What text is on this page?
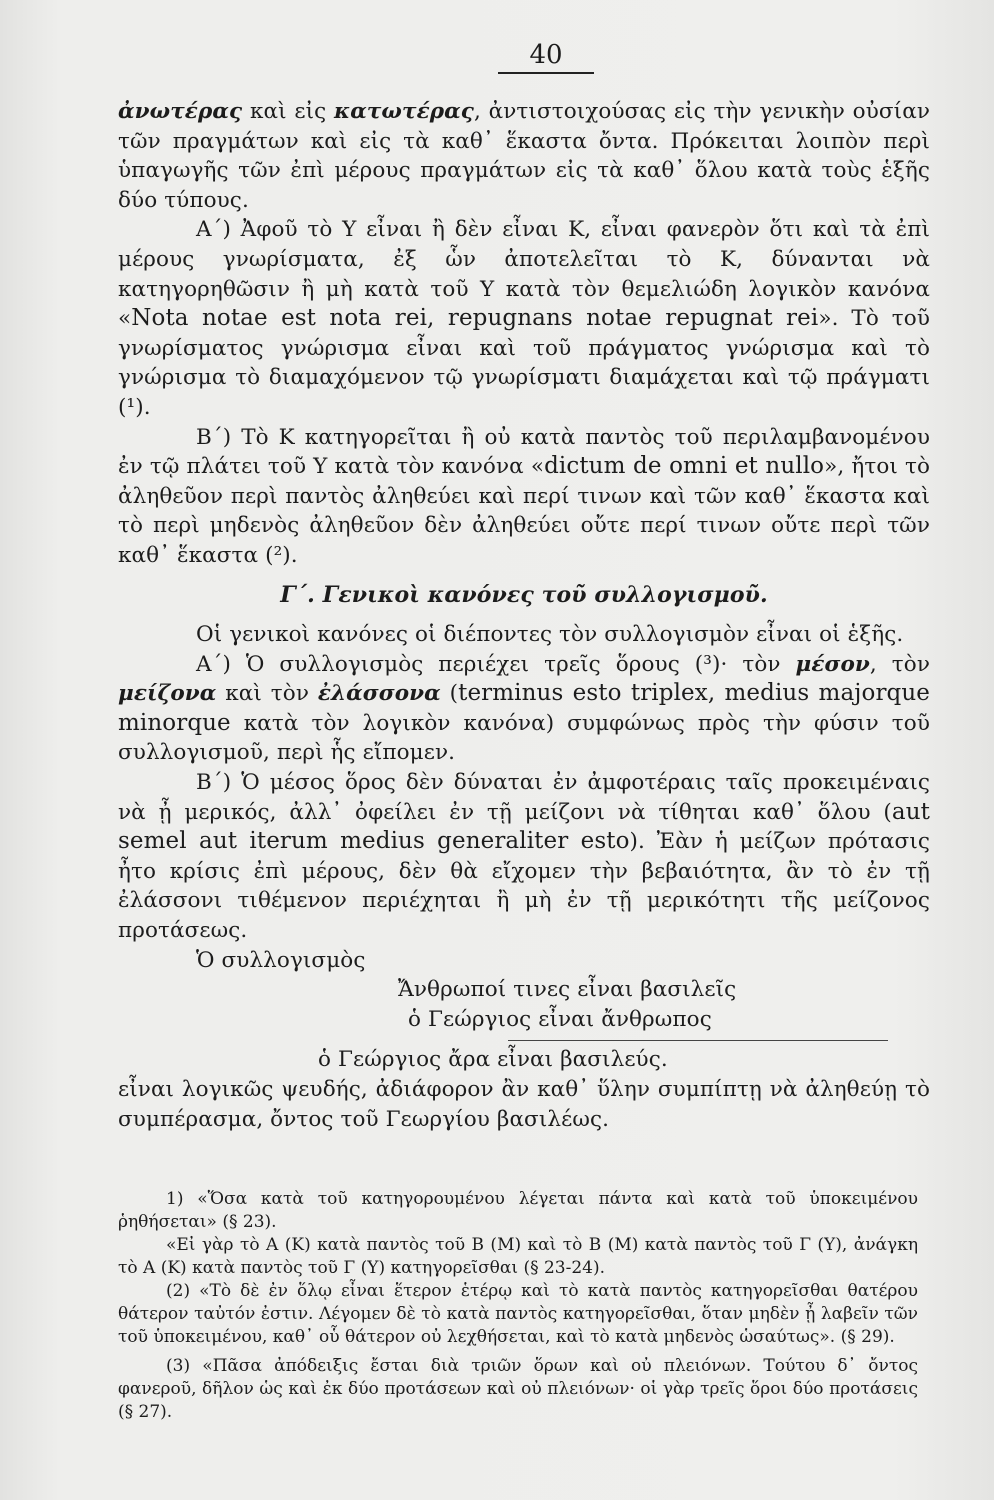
40

ἀνωτέρας καὶ εἰς κατωτέρας, ἀντιστοιχούσας εἰς τὴν γενικὴν οὐσίαν τῶν πραγμάτων καὶ εἰς τὰ καθ᾽ ἕκαστα ὄντα. Πρόκειται λοιπὸν περὶ ὑπαγωγῆς τῶν ἐπὶ μέρους πραγμάτων εἰς τὰ καθ᾽ ὅλου κατὰ τοὺς ἑξῆς δύο τύπους.

Α´) Ἀφοῦ τὸ Υ εἶναι ἢ δὲν εἶναι Κ, εἶναι φανερὸν ὅτι καὶ τὰ ἐπὶ μέρους γνωρίσματα, ἐξ ὧν ἀποτελεῖται τὸ Κ, δύνανται νὰ κατηγορηθῶσιν ἢ μὴ κατὰ τοῦ Υ κατὰ τὸν θεμελιώδη λογικὸν κανόνα «Nota notae est nota rei, repugnans notae repugnat rei». Τὸ τοῦ γνωρίσματος γνώρισμα εἶναι καὶ τοῦ πράγματος γνώρισμα καὶ τὸ γνώρισμα τὸ διαμαχόμενον τῷ γνωρίσματι διαμάχεται καὶ τῷ πράγματι (¹).

Β´) Τὸ Κ κατηγορεῖται ἢ οὐ κατὰ παντὸς τοῦ περιλαμβανομένου ἐν τῷ πλάτει τοῦ Υ κατὰ τὸν κανόνα «dictum de omni et nullo», ἤτοι τὸ ἀληθεῦον περὶ παντὸς ἀληθεύει καὶ περί τινων καὶ τῶν καθ᾽ ἕκαστα καὶ τὸ περὶ μηδενὸς ἀληθεῦον δὲν ἀληθεύει οὔτε περί τινων οὔτε περὶ τῶν καθ᾽ ἕκαστα (²).

Γ´. Γενικοὶ κανόνες τοῦ συλλογισμοῦ.

Οἱ γενικοὶ κανόνες οἱ διέποντες τὸν συλλογισμὸν εἶναι οἱ ἑξῆς.

Α´) Ὁ συλλογισμὸς περιέχει τρεῖς ὅρους (³)· τὸν μέσον, τὸν μείζονα καὶ τὸν ἐλάσσονα (terminus esto triplex, medius majorque minorque κατὰ τὸν λογικὸν κανόνα) συμφώνως πρὸς τὴν φύσιν τοῦ συλλογισμοῦ, περὶ ἧς εἴπομεν.

Β´) Ὁ μέσος ὅρος δὲν δύναται ἐν ἀμφοτέραις ταῖς προκειμέναις νὰ ᾖ μερικός, ἀλλ᾽ ὀφείλει ἐν τῇ μείζονι νὰ τίθηται καθ᾽ ὅλου (aut semel aut iterum medius generaliter esto). Ἐὰν ἡ μείζων πρότασις ἦτο κρίσις ἐπὶ μέρους, δὲν θὰ εἴχομεν τὴν βεβαιότητα, ἂν τὸ ἐν τῇ ἐλάσσονι τιθέμενον περιέχηται ἢ μὴ ἐν τῇ μερικότητι τῆς μείζονος προτάσεως.

Ὁ συλλογισμὸς

Ἄνθρωποί τινες εἶναι βασιλεῖς
ὁ Γεώργιος εἶναι ἄνθρωπος
ὁ Γεώργιος ἄρα εἶναι βασιλεύς.

εἶναι λογικῶς ψευδής, ἀδιάφορον ἂν καθ᾽ ὕλην συμπίπτῃ νὰ ἀληθεύῃ τὸ συμπέρασμα, ὄντος τοῦ Γεωργίου βασιλέως.

1) «Ὅσα κατὰ τοῦ κατηγορουμένου λέγεται πάντα καὶ κατὰ τοῦ ὑποκειμένου ῥηθήσεται» (§ 23).

«Εἰ γὰρ τὸ Α (Κ) κατὰ παντὸς τοῦ Β (Μ) καὶ τὸ Β (Μ) κατὰ παντὸς τοῦ Γ (Υ), ἀνάγκη τὸ Α (Κ) κατὰ παντὸς τοῦ Γ (Υ) κατηγορεῖσθαι (§ 23-24).

(2) «Τὸ δὲ ἐν ὅλῳ εἶναι ἕτερον ἑτέρῳ καὶ τὸ κατὰ παντὸς κατηγορεῖσθαι θατέρου θάτερον ταὐτόν ἐστιν. Λέγομεν δὲ τὸ κατὰ παντὸς κατηγορεῖσθαι, ὅταν μηδὲν ᾖ λαβεῖν τῶν τοῦ ὑποκειμένου, καθ᾽ οὗ θάτερον οὐ λεχθήσεται, καὶ τὸ κατὰ μηδενὸς ὡσαύτως». (§ 29).

(3) «Πᾶσα ἀπόδειξις ἔσται διὰ τριῶν ὅρων καὶ οὐ πλειόνων. Τούτου δ᾽ ὄντος φανεροῦ, δῆλον ὡς καὶ ἐκ δύο προτάσεων καὶ οὐ πλειόνων· οἱ γὰρ τρεῖς ὅροι δύο προτάσεις (§ 27).
